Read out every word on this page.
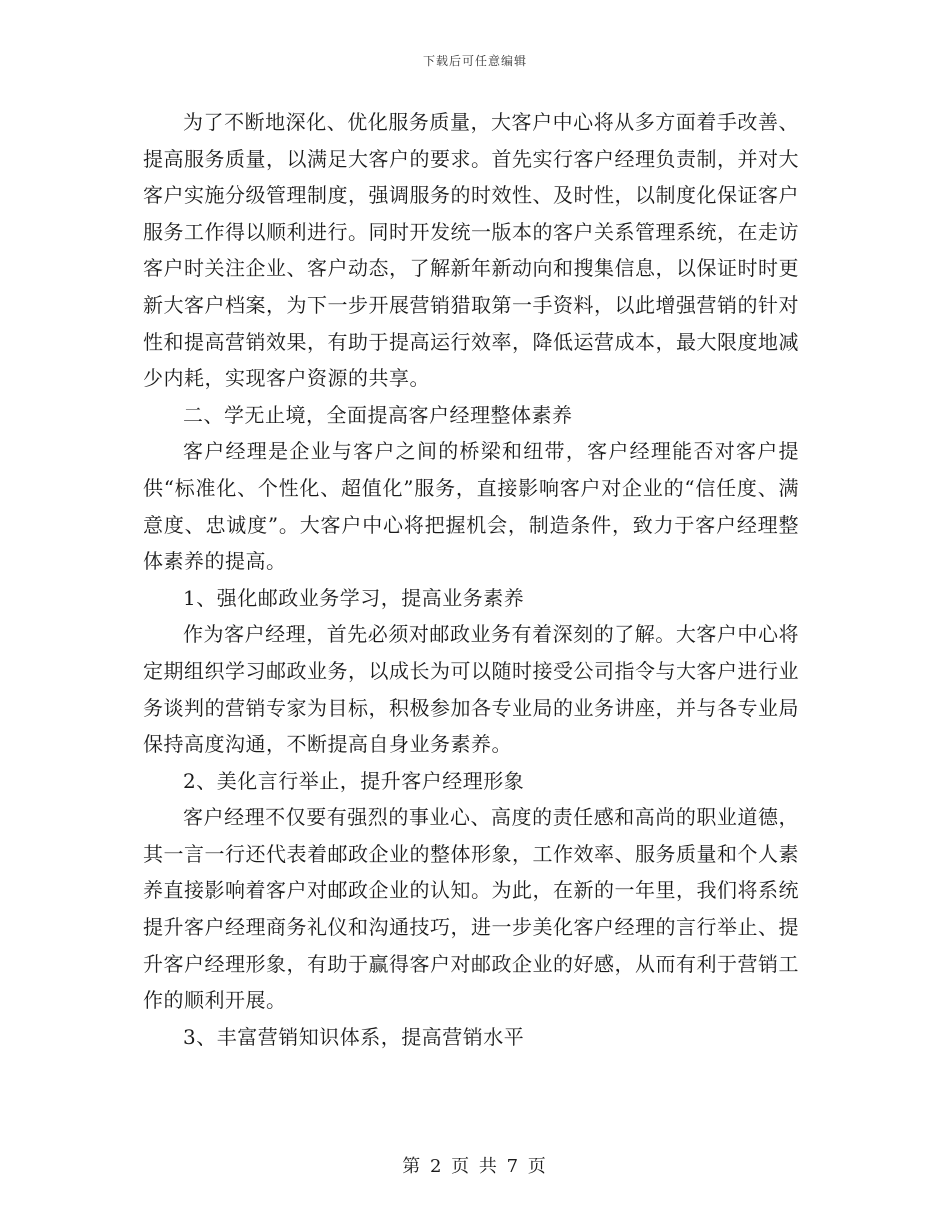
下载后可任意编辑

为了不断地深化、优化服务质量，大客户中心将从多方面着手改善、提高服务质量，以满足大客户的要求。首先实行客户经理负责制，并对大客户实施分级管理制度，强调服务的时效性、及时性，以制度化保证客户服务工作得以顺利进行。同时开发统一版本的客户关系管理系统，在走访客户时关注企业、客户动态，了解新年新动向和搜集信息，以保证时时更新大客户档案，为下一步开展营销猎取第一手资料，以此增强营销的针对性和提高营销效果，有助于提高运行效率，降低运营成本，最大限度地减少内耗，实现客户资源的共享。

二、学无止境，全面提高客户经理整体素养

客户经理是企业与客户之间的桥梁和纽带，客户经理能否对客户提供“标准化、个性化、超值化”服务，直接影响客户对企业的“信任度、满意度、忠诚度”。大客户中心将把握机会，制造条件，致力于客户经理整体素养的提高。

1、强化邮政业务学习，提高业务素养

作为客户经理，首先必须对邮政业务有着深刻的了解。大客户中心将定期组织学习邮政业务，以成长为可以随时接受公司指令与大客户进行业务谈判的营销专家为目标，积极参加各专业局的业务讲座，并与各专业局保持高度沟通，不断提高自身业务素养。

2、美化言行举止，提升客户经理形象

客户经理不仅要有强烈的事业心、高度的责任感和高尚的职业道德，其一言一行还代表着邮政企业的整体形象，工作效率、服务质量和个人素养直接影响着客户对邮政企业的认知。为此，在新的一年里，我们将系统提升客户经理商务礼仪和沟通技巧，进一步美化客户经理的言行举止、提升客户经理形象，有助于赢得客户对邮政企业的好感，从而有利于营销工作的顺利开展。

3、丰富营销知识体系，提高营销水平

第 2 页 共 7 页
